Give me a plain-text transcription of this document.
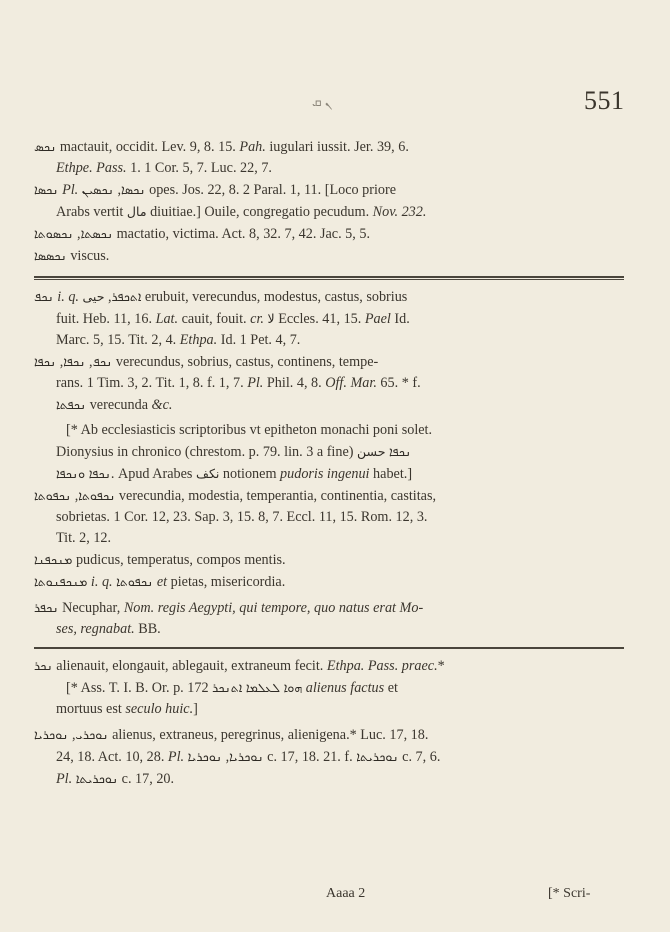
ܢ ܩ	551

ܢܟܣ mactauit, occidit. Lev. 9, 8. 15. Pah. iugulari iussit. Jer. 39, 6.

Ethpe. Pass. 1. 1 Cor. 5, 7. Luc. 22, 7.

ܢܟܣܐ Pl.	ܢܟܣܐ, ܢܟܣܝܢ opes. Jos. 22, 8. 2 Paral. 1, 11. [Loco priore

Arabs vertit مال diuitiae.] Ouile, congregatio pecudum. Nov. 232.

ܢܟܣܬܐ, ܢܟܣܘܬܐ	mactatio, victima. Act. 8, 32. 7, 42. Jac. 5, 5.

ܢܟܣܣܐ viscus.

ܢܟܦ i. q. ܐܬܟܦܪ, حيى	erubuit, verecundus, modestus, castus, sobrius

fuit. Heb. 11, 16. Lat. cauit, fouit. cr. لا Eccles. 41, 15. Pael Id.

Marc. 5, 15. Tit. 2, 4. Ethpa. Id. 1 Pet. 4, 7.

ܢܟܦ, ܢܟܦܐ, ܢܟܦܐ	verecundus, sobrius, castus, continens, tempe-

rans. 1 Tim. 3, 2. Tit. 1, 8. f. 1, 7. Pl. Phil. 4, 8. Off. Mar. 65. * f.

ܢܟܦܬܐ verecunda &c.

[* Ab ecclesiasticis scriptoribus vt epitheton monachi poni solet.

Dionysius in chronico (chrestom. p. 79. lin. 3 a fine)	ܢܟܦܐ حسن

ܢܟܦܐ ܘܢܟܦܐ . Apud Arabes نكف notionem pudoris ingenui habet.]

ܢܟܦܘܬܐ, ܢܟܦܘܬܐ	verecundia, modestia, temperantia, continentia, castitas,

sobrietas. 1 Cor. 12, 23. Sap. 3, 15. 8, 7. Eccl. 11, 15. Rom. 12, 3.

Tit. 2, 12.

ܡܢܟܦܢܐ pudicus, temperatus, compos mentis.

ܡܢܟܦܢܘܬܐ i. q. ܢܟܦܘܬܐ et pietas, misericordia.

ܢܟܦܪ Necuphar, Nom. regis Aegypti, qui tempore, quo natus erat Mo-

ses, regnabat. BB.

ܢܟܪ alienauit, elongauit, ablegauit, extraneum fecit. Ethpa. Pass. praec.*

[* Ass. T. I. B. Or. p. 172	ܗܘܐ ܠܥܠܡܐ ܐܬܢܟܪ	alienus factus et

mortuus est seculo huic.]

ܢܘܟܪܝ, ܢܘܟܪܝܐ	alienus, extraneus, peregrinus, alienigena.* Luc. 17, 18.

24, 18. Act. 10, 28. Pl.	ܢܘܟܪܝܐ, ܢܘܟܪܝܐ	c. 17, 18. 21. f. ܢܘܟܪܝܬܐ c. 7, 6.

Pl. ܢܘܟܪܝܬܐ c. 17, 20.

Aaaa 2	[* Scri-
